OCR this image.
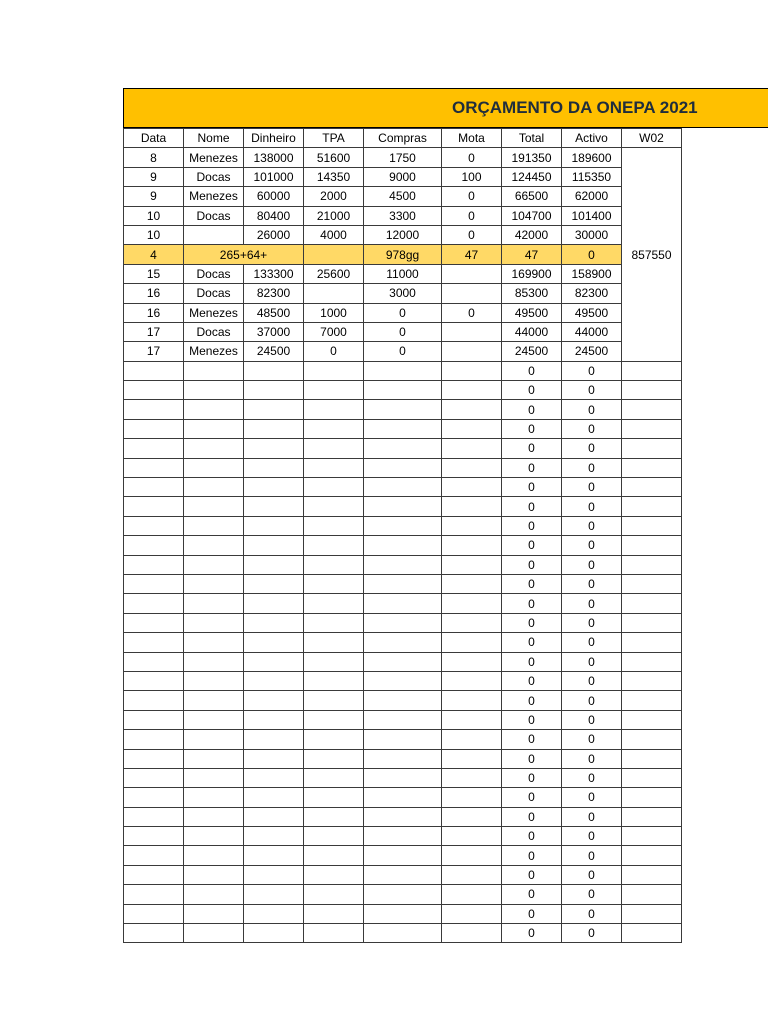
ORÇAMENTO DA ONEPA 2021
Data	Nome	Dinheiro	TPA	Compras	Mota	Total	Activo	W02
8	Menezes	138000	51600	1750	0	191350	189600	857550
9	Docas	101000	14350	9000	100	124450	115350	
9	Menezes	60000	2000	4500	0	66500	62000	
10	Docas	80400	21000	3300	0	104700	101400	
10		26000	4000	12000	0	42000	30000	
4	265+64+			978gg	47	47	0	
15	Docas	133300	25600	11000		169900	158900	
16	Docas	82300		3000		85300	82300	
16	Menezes	48500	1000	0	0	49500	49500	
17	Docas	37000	7000	0		44000	44000	
17	Menezes	24500	0	0		24500	24500	
						0	0	
						0	0	
						0	0	
						0	0	
						0	0	
						0	0	
						0	0	
						0	0	
						0	0	
						0	0	
						0	0	
						0	0	
						0	0	
						0	0	
						0	0	
						0	0	
						0	0	
						0	0	
						0	0	
						0	0	
						0	0	
						0	0	
						0	0	
						0	0	
						0	0	
						0	0	
						0	0	
						0	0	
						0	0	
						0	0	
